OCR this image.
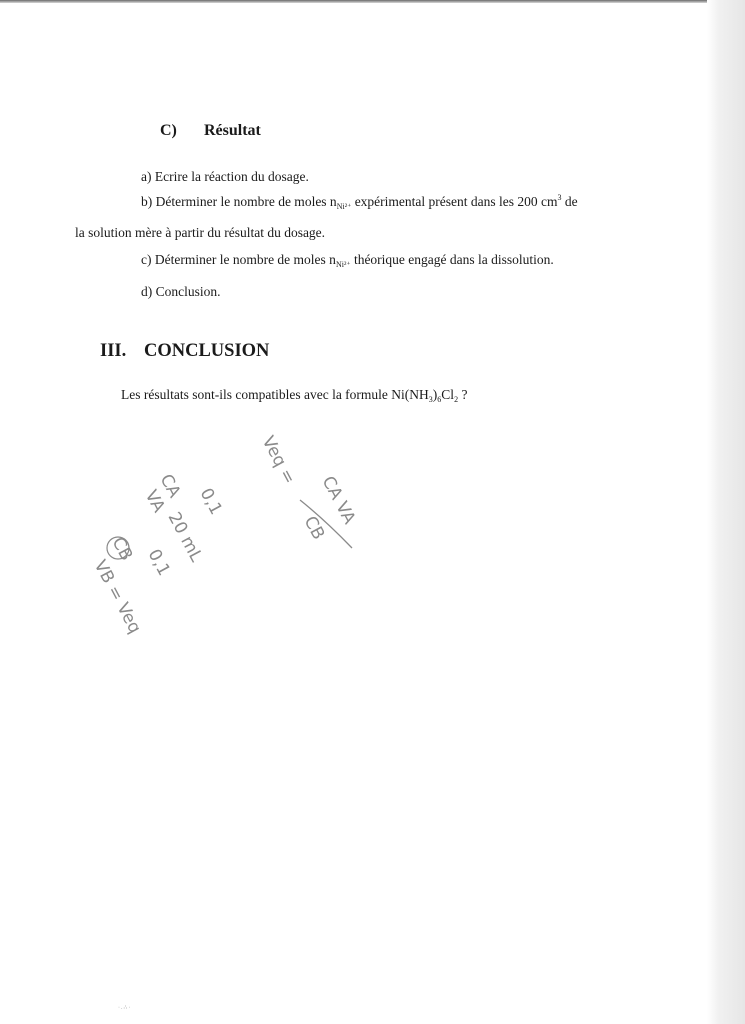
C) Résultat
a) Ecrire la réaction du dosage.
b) Déterminer le nombre de moles $n_{Ni^{2+}}$ expérimental présent dans les 200 $cm^3$ de
la solution mère à partir du résultat du dosage.
c) Déterminer le nombre de moles $n_{Ni^{2+}}$ théorique engagé dans la dissolution.
d) Conclusion.
III. CONCLUSION
Les résultats sont-ils compatibles avec la formule $Ni(NH_3)_6Cl_2$ ?
CA 0,1
VA
20 mL
CB 0,1
VB = Veq
Veq =
CA VA
CB
·.∴·
